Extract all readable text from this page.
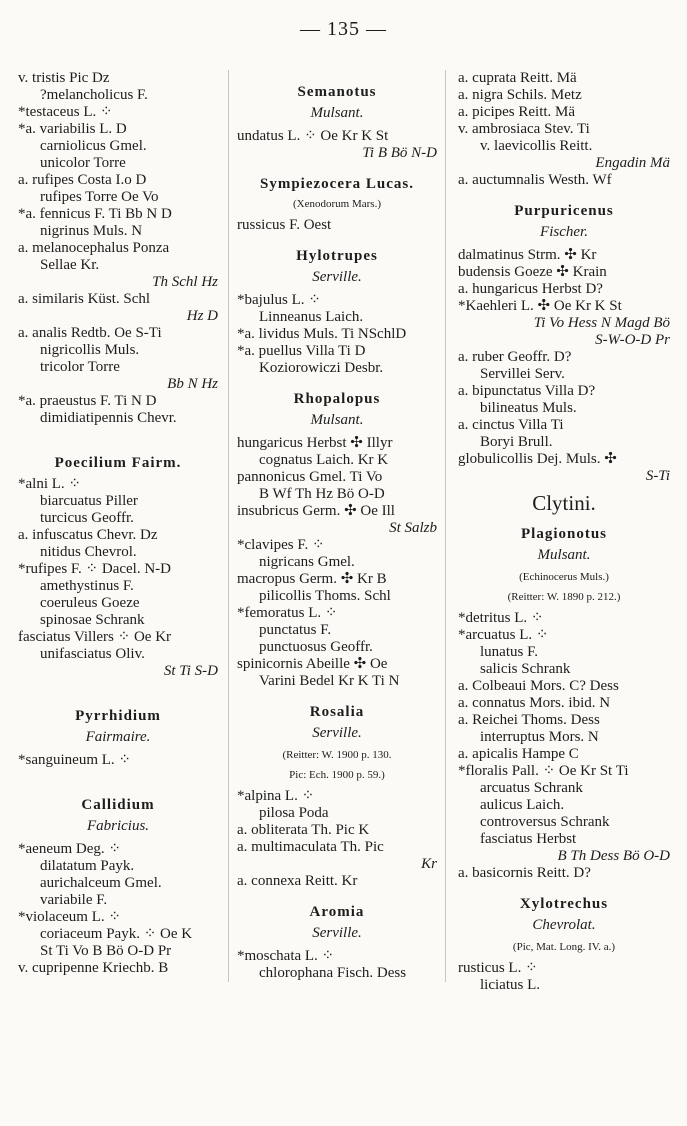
— 135 —
v. tristis Pic Dz
?melancholicus F.
*testaceus L. ⁘
*a. variabilis L. D
carniolicus Gmel.
unicolor Torre
a. rufipes Costa I.o D
rufipes Torre Oe Vo
*a. fennicus F. Ti Bb N D
nigrinus Muls. N
a. melanocephalus Ponza
Sellae Kr.
Th Schl Hz
a. similaris Küst. Schl
Hz D
a. analis Redtb. Oe S-Ti
nigricollis Muls.
tricolor Torre
Bb N Hz
*a. praeustus F. Ti N D
dimidiatipennis Chevr.
Poecilium Fairm.
*alni L. ⁘
biarcuatus Piller
turcicus Geoffr.
a. infuscatus Chevr. Dz
nitidus Chevrol.
*rufipes F. ⁘ Dacel. N-D
amethystinus F.
coeruleus Goeze
spinosae Schrank
fasciatus Villers ⁘ Oe Kr
unifasciatus Oliv.
St Ti S-D
Pyrrhidium
Fairmaire.
*sanguineum L. ⁘
Callidium
Fabricius.
*aeneum Deg. ⁘
dilatatum Payk.
aurichalceum Gmel.
variabile F.
*violaceum L. ⁘
coriaceum Payk. ⁘ Oe K
St Ti Vo B Bö O-D Pr
v. cupripenne Kriechb. B
Semanotus
Mulsant.
undatus L. ⁘ Oe Kr K St
Ti B Bö N-D
Sympiezocera Lucas.
(Xenodorum Mars.)
russicus F. Oest
Hylotrupes
Serville.
*bajulus L. ⁘
Linneanus Laich.
*a. lividus Muls. Ti NSchlD
*a. puellus Villa Ti D
Koziorowiczi Desbr.
Rhopalopus
Mulsant.
hungaricus Herbst ✣ Illyr
cognatus Laich. Kr K
pannonicus Gmel. Ti Vo
B Wf Th Hz Bö O-D
insubricus Germ. ✣ Oe Ill
St Salzb
*clavipes F. ⁘
nigricans Gmel.
macropus Germ. ✣ Kr B
pilicollis Thoms. Schl
*femoratus L. ⁘
punctatus F.
punctuosus Geoffr.
spinicornis Abeille ✣ Oe
Varini Bedel Kr K Ti N
Rosalia
Serville.
(Reitter: W. 1900 p. 130.
Pic: Ech. 1900 p. 59.)
*alpina L. ⁘
pilosa Poda
a. obliterata Th. Pic K
a. multimaculata Th. Pic
Kr
a. connexa Reitt. Kr
Aromia
Serville.
*moschata L. ⁘
chlorophana Fisch. Dess
a. cuprata Reitt. Mä
a. nigra Schils. Metz
a. picipes Reitt. Mä
v. ambrosiaca Stev. Ti
v. laevicollis Reitt.
Engadin Mä
a. auctumnalis Westh. Wf
Purpuricenus
Fischer.
dalmatinus Strm. ✣ Kr
budensis Goeze ✣ Krain
a. hungaricus Herbst D?
*Kaehleri L. ✣ Oe Kr K St
Ti Vo Hess N Magd Bö
S-W-O-D Pr
a. ruber Geoffr. D?
Servillei Serv.
a. bipunctatus Villa D?
bilineatus Muls.
a. cinctus Villa Ti
Boryi Brull.
globulicollis Dej. Muls. ✣
S-Ti
Clytini.
Plagionotus
Mulsant.
(Echinocerus Muls.)
(Reitter: W. 1890 p. 212.)
*detritus L. ⁘
*arcuatus L. ⁘
lunatus F.
salicis Schrank
a. Colbeaui Mors. C? Dess
a. connatus Mors. ibid. N
a. Reichei Thoms. Dess
interruptus Mors. N
a. apicalis Hampe C
*floralis Pall. ⁘ Oe Kr St Ti
arcuatus Schrank
aulicus Laich.
controversus Schrank
fasciatus Herbst
B Th Dess Bö O-D
a. basicornis Reitt. D?
Xylotrechus
Chevrolat.
(Pic, Mat. Long. IV. a.)
rusticus L. ⁘
liciatus L.
